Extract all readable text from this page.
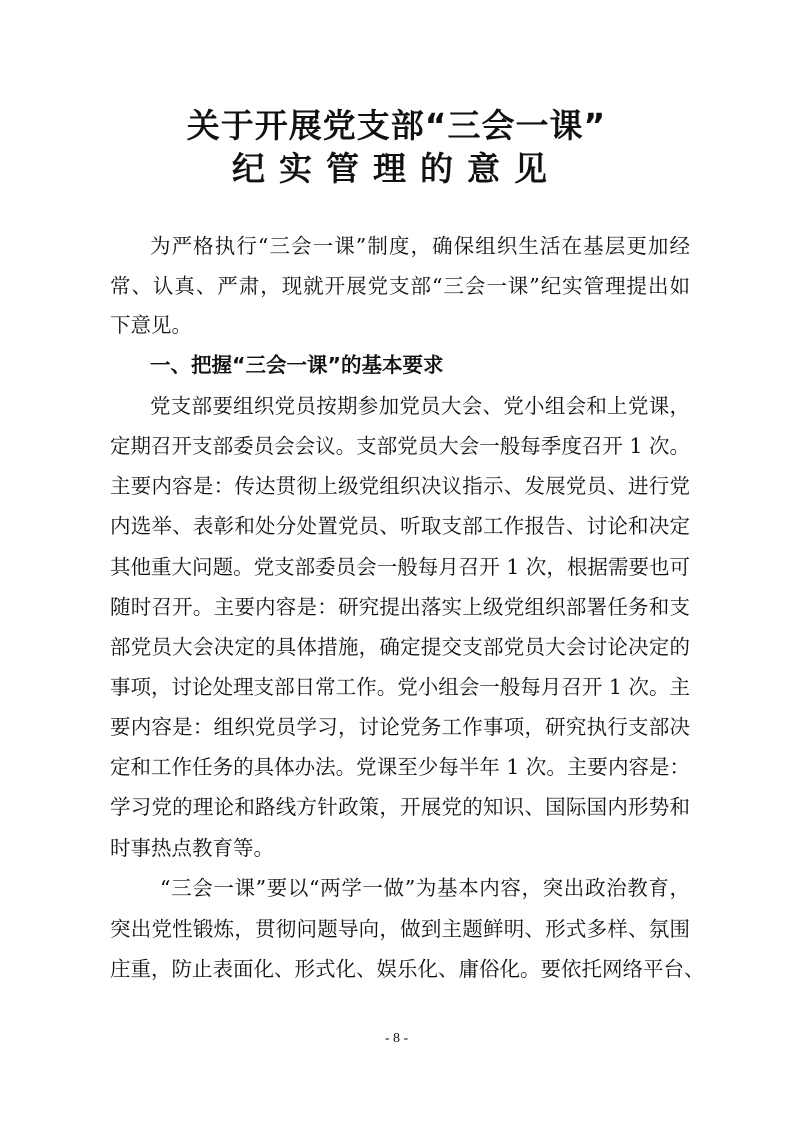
关于开展党支部“三会一课”
纪实管理的意见
为严格执行“三会一课”制度，确保组织生活在基层更加经
常、认真、严肃，现就开展党支部“三会一课”纪实管理提出如
下意见。
一、把握“三会一课”的基本要求
党支部要组织党员按期参加党员大会、党小组会和上党课，
定期召开支部委员会会议。支部党员大会一般每季度召开 1 次。
主要内容是：传达贯彻上级党组织决议指示、发展党员、进行党
内选举、表彰和处分处置党员、听取支部工作报告、讨论和决定
其他重大问题。党支部委员会一般每月召开 1 次，根据需要也可
随时召开。主要内容是：研究提出落实上级党组织部署任务和支
部党员大会决定的具体措施，确定提交支部党员大会讨论决定的
事项，讨论处理支部日常工作。党小组会一般每月召开 1 次。主
要内容是：组织党员学习，讨论党务工作事项，研究执行支部决
定和工作任务的具体办法。党课至少每半年 1 次。主要内容是：
学习党的理论和路线方针政策，开展党的知识、国际国内形势和
时事热点教育等。
“三会一课”要以“两学一做”为基本内容，突出政治教育，
突出党性锻炼，贯彻问题导向，做到主题鲜明、形式多样、氛围
庄重，防止表面化、形式化、娱乐化、庸俗化。要依托网络平台、
- 8 -
